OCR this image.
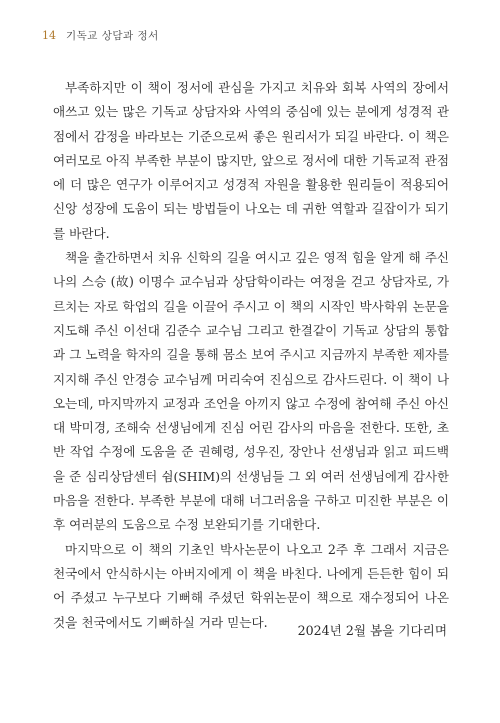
14 기독교 상담과 정서
부족하지만 이 책이 정서에 관심을 가지고 치유와 회복 사역의 장에서
애쓰고 있는 많은 기독교 상담자와 사역의 중심에 있는 분에게 성경적 관
점에서 감정을 바라보는 기준으로써 좋은 원리서가 되길 바란다. 이 책은
여러모로 아직 부족한 부분이 많지만, 앞으로 정서에 대한 기독교적 관점
에 더 많은 연구가 이루어지고 성경적 자원을 활용한 원리들이 적용되어
신앙 성장에 도움이 되는 방법들이 나오는 데 귀한 역할과 길잡이가 되기
를 바란다.
책을 출간하면서 치유 신학의 길을 여시고 깊은 영적 힘을 알게 해 주신
나의 스승 (故) 이명수 교수님과 상담학이라는 여정을 걷고 상담자로, 가
르치는 자로 학업의 길을 이끌어 주시고 이 책의 시작인 박사학위 논문을
지도해 주신 이선대 김준수 교수님 그리고 한결같이 기독교 상담의 통합
과 그 노력을 학자의 길을 통해 몸소 보여 주시고 지금까지 부족한 제자를
지지해 주신 안경승 교수님께 머리숙여 진심으로 감사드린다. 이 책이 나
오는데, 마지막까지 교정과 조언을 아끼지 않고 수정에 참여해 주신 아신
대 박미경, 조해숙 선생님에게 진심 어린 감사의 마음을 전한다. 또한, 초
반 작업 수정에 도움을 준 권혜령, 성우진, 장안나 선생님과 읽고 피드백
을 준 심리상담센터 쉼(SHIM)의 선생님들 그 외 여러 선생님에게 감사한
마음을 전한다. 부족한 부분에 대해 너그러움을 구하고 미진한 부분은 이
후 여러분의 도움으로 수정 보완되기를 기대한다.
마지막으로 이 책의 기초인 박사논문이 나오고 2주 후 그래서 지금은
천국에서 안식하시는 아버지에게 이 책을 바친다. 나에게 든든한 힘이 되
어 주셨고 누구보다 기뻐해 주셨던 학위논문이 책으로 재수정되어 나온
것을 천국에서도 기뻐하실 거라 믿는다.
2024년 2월 봄을 기다리며
